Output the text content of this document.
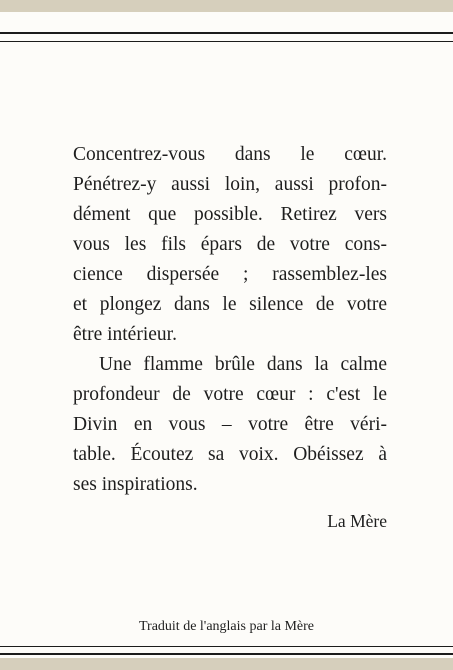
Concentrez-vous dans le cœur.
Pénétrez-y aussi loin, aussi profon-
dément que possible. Retirez vers
vous les fils épars de votre cons-
cience dispersée ; rassemblez-les
et plongez dans le silence de votre
être intérieur.
Une flamme brûle dans la calme
profondeur de votre cœur : c'est le
Divin en vous – votre être véri-
table. Écoutez sa voix. Obéissez à
ses inspirations.
La Mère
Traduit de l'anglais par la Mère
